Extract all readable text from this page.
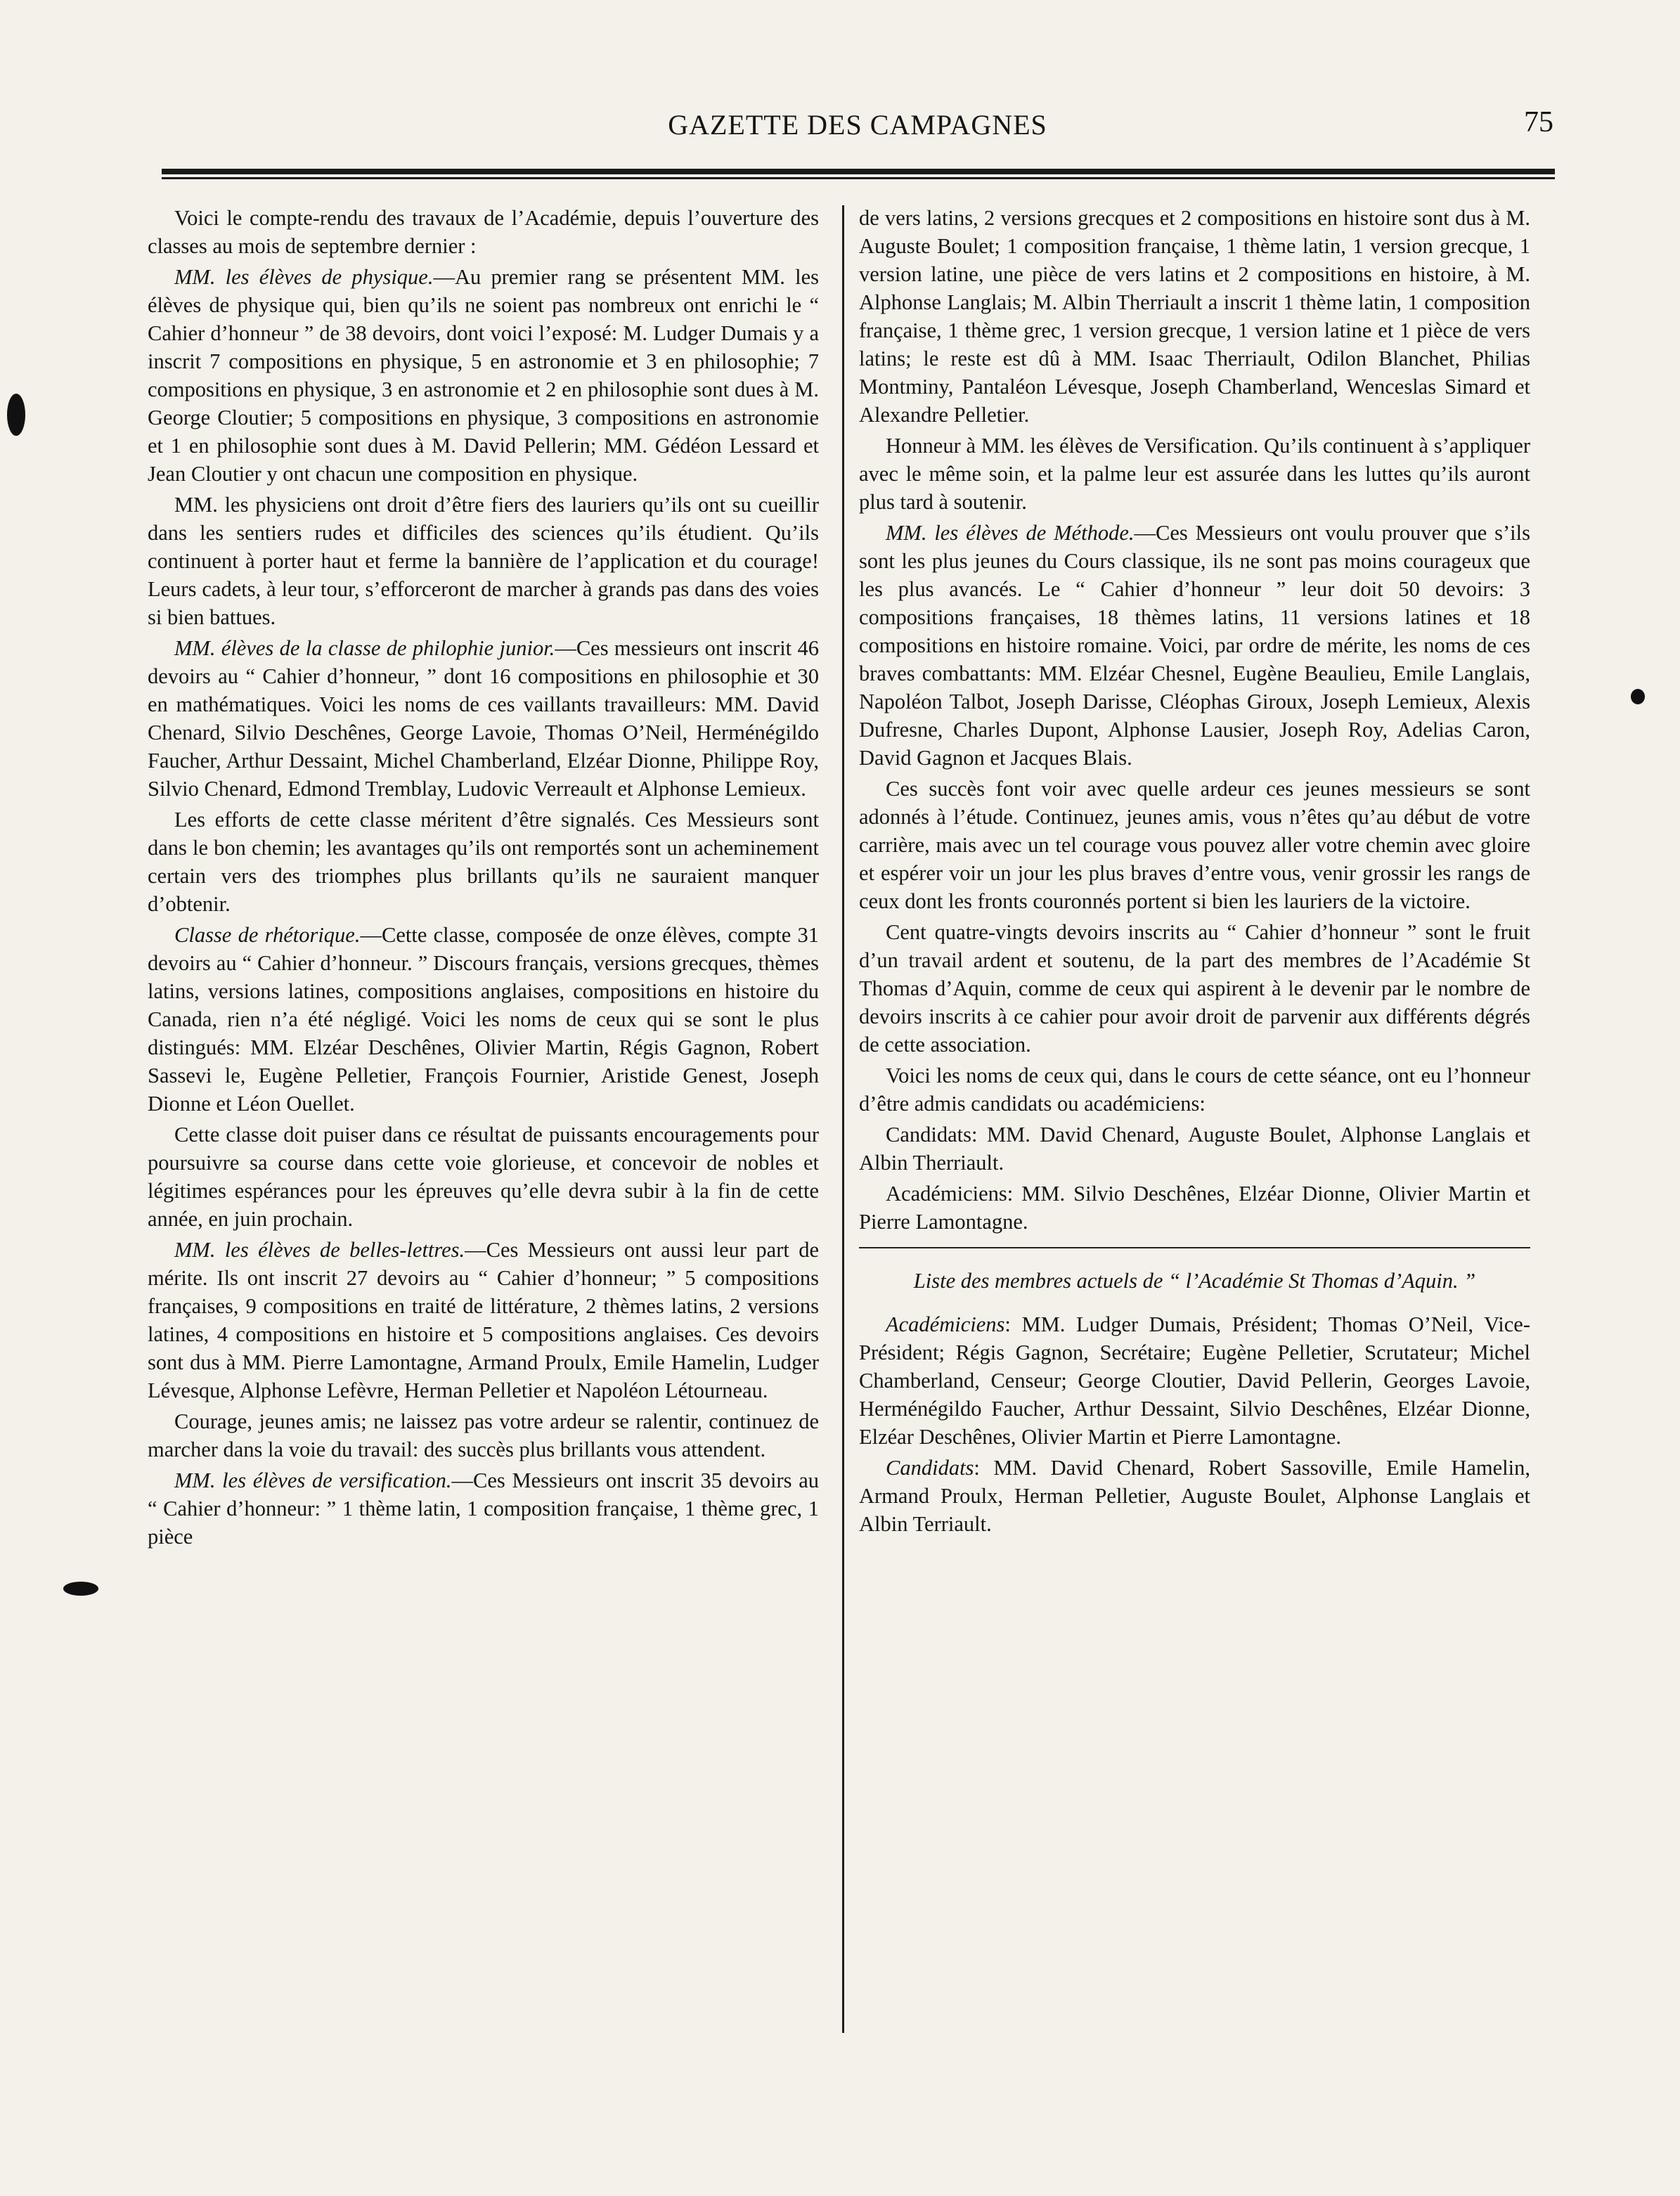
GAZETTE DES CAMPAGNES	75

Voici le compte-rendu des travaux de l’Académie, depuis l’ouverture des classes au mois de septembre dernier :

MM. les élèves de physique.—Au premier rang se présentent MM. les élèves de physique qui, bien qu’ils ne soient pas nombreux ont enrichi le “ Cahier d’honneur ” de 38 devoirs, dont voici l’exposé: M. Ludger Dumais y a inscrit 7 compositions en physique, 5 en astronomie et 3 en philosophie; 7 compositions en physique, 3 en astronomie et 2 en philosophie sont dues à M. George Cloutier; 5 compositions en physique, 3 compositions en astronomie et 1 en philosophie sont dues à M. David Pellerin; MM. Gédéon Lessard et Jean Cloutier y ont chacun une composition en physique.

MM. les physiciens ont droit d’être fiers des lauriers qu’ils ont su cueillir dans les sentiers rudes et difficiles des sciences qu’ils étudient. Qu’ils continuent à porter haut et ferme la bannière de l’application et du courage! Leurs cadets, à leur tour, s’efforceront de marcher à grands pas dans des voies si bien battues.

MM. élèves de la classe de philophie junior.—Ces messieurs ont inscrit 46 devoirs au “ Cahier d’honneur, ” dont 16 compositions en philosophie et 30 en mathématiques. Voici les noms de ces vaillants travailleurs: MM. David Chenard, Silvio Deschênes, George Lavoie, Thomas O’Neil, Herménégildo Faucher, Arthur Dessaint, Michel Chamberland, Elzéar Dionne, Philippe Roy, Silvio Chenard, Edmond Tremblay, Ludovic Verreault et Alphonse Lemieux.

Les efforts de cette classe méritent d’être signalés. Ces Messieurs sont dans le bon chemin; les avantages qu’ils ont remportés sont un acheminement certain vers des triomphes plus brillants qu’ils ne sauraient manquer d’obtenir.

Classe de rhétorique.—Cette classe, composée de onze élèves, compte 31 devoirs au “ Cahier d’honneur. ” Discours français, versions grecques, thèmes latins, versions latines, compositions anglaises, compositions en histoire du Canada, rien n’a été négligé. Voici les noms de ceux qui se sont le plus distingués: MM. Elzéar Deschênes, Olivier Martin, Régis Gagnon, Robert Sassevi le, Eugène Pelletier, François Fournier, Aristide Genest, Joseph Dionne et Léon Ouellet.

Cette classe doit puiser dans ce résultat de puissants encouragements pour poursuivre sa course dans cette voie glorieuse, et concevoir de nobles et légitimes espérances pour les épreuves qu’elle devra subir à la fin de cette année, en juin prochain.

MM. les élèves de belles-lettres.—Ces Messieurs ont aussi leur part de mérite. Ils ont inscrit 27 devoirs au “ Cahier d’honneur; ” 5 compositions françaises, 9 compositions en traité de littérature, 2 thèmes latins, 2 versions latines, 4 compositions en histoire et 5 compositions anglaises. Ces devoirs sont dus à MM. Pierre Lamontagne, Armand Proulx, Emile Hamelin, Ludger Lévesque, Alphonse Lefèvre, Herman Pelletier et Napoléon Létourneau.

Courage, jeunes amis; ne laissez pas votre ardeur se ralentir, continuez de marcher dans la voie du travail: des succès plus brillants vous attendent.

MM. les élèves de versification.—Ces Messieurs ont inscrit 35 devoirs au “ Cahier d’honneur: ” 1 thème latin, 1 composition française, 1 thème grec, 1 pièce

de vers latins, 2 versions grecques et 2 compositions en histoire sont dus à M. Auguste Boulet; 1 composition française, 1 thème latin, 1 version grecque, 1 version latine, une pièce de vers latins et 2 compositions en histoire, à M. Alphonse Langlais; M. Albin Therriault a inscrit 1 thème latin, 1 composition française, 1 thème grec, 1 version grecque, 1 version latine et 1 pièce de vers latins; le reste est dû à MM. Isaac Therriault, Odilon Blanchet, Philias Montminy, Pantaléon Lévesque, Joseph Chamberland, Wenceslas Simard et Alexandre Pelletier.

Honneur à MM. les élèves de Versification. Qu’ils continuent à s’appliquer avec le même soin, et la palme leur est assurée dans les luttes qu’ils auront plus tard à soutenir.

MM. les élèves de Méthode.—Ces Messieurs ont voulu prouver que s’ils sont les plus jeunes du Cours classique, ils ne sont pas moins courageux que les plus avancés. Le “ Cahier d’honneur ” leur doit 50 devoirs: 3 compositions françaises, 18 thèmes latins, 11 versions latines et 18 compositions en histoire romaine. Voici, par ordre de mérite, les noms de ces braves combattants: MM. Elzéar Chesnel, Eugène Beaulieu, Emile Langlais, Napoléon Talbot, Joseph Darisse, Cléophas Giroux, Joseph Lemieux, Alexis Dufresne, Charles Dupont, Alphonse Lausier, Joseph Roy, Adelias Caron, David Gagnon et Jacques Blais.

Ces succès font voir avec quelle ardeur ces jeunes messieurs se sont adonnés à l’étude. Continuez, jeunes amis, vous n’êtes qu’au début de votre carrière, mais avec un tel courage vous pouvez aller votre chemin avec gloire et espérer voir un jour les plus braves d’entre vous, venir grossir les rangs de ceux dont les fronts couronnés portent si bien les lauriers de la victoire.

Cent quatre-vingts devoirs inscrits au “ Cahier d’honneur ” sont le fruit d’un travail ardent et soutenu, de la part des membres de l’Académie St Thomas d’Aquin, comme de ceux qui aspirent à le devenir par le nombre de devoirs inscrits à ce cahier pour avoir droit de parvenir aux différents dégrés de cette association.

Voici les noms de ceux qui, dans le cours de cette séance, ont eu l’honneur d’être admis candidats ou académiciens:

Candidats: MM. David Chenard, Auguste Boulet, Alphonse Langlais et Albin Therriault.

Académiciens: MM. Silvio Deschênes, Elzéar Dionne, Olivier Martin et Pierre Lamontagne.

Liste des membres actuels de “ l’Académie St Thomas d’Aquin. ”

Académiciens: MM. Ludger Dumais, Président; Thomas O’Neil, Vice-Président; Régis Gagnon, Secrétaire; Eugène Pelletier, Scrutateur; Michel Chamberland, Censeur; George Cloutier, David Pellerin, Georges Lavoie, Herménégildo Faucher, Arthur Dessaint, Silvio Deschênes, Elzéar Dionne, Elzéar Deschênes, Olivier Martin et Pierre Lamontagne.

Candidats: MM. David Chenard, Robert Sassoville, Emile Hamelin, Armand Proulx, Herman Pelletier, Auguste Boulet, Alphonse Langlais et Albin Terriault.
